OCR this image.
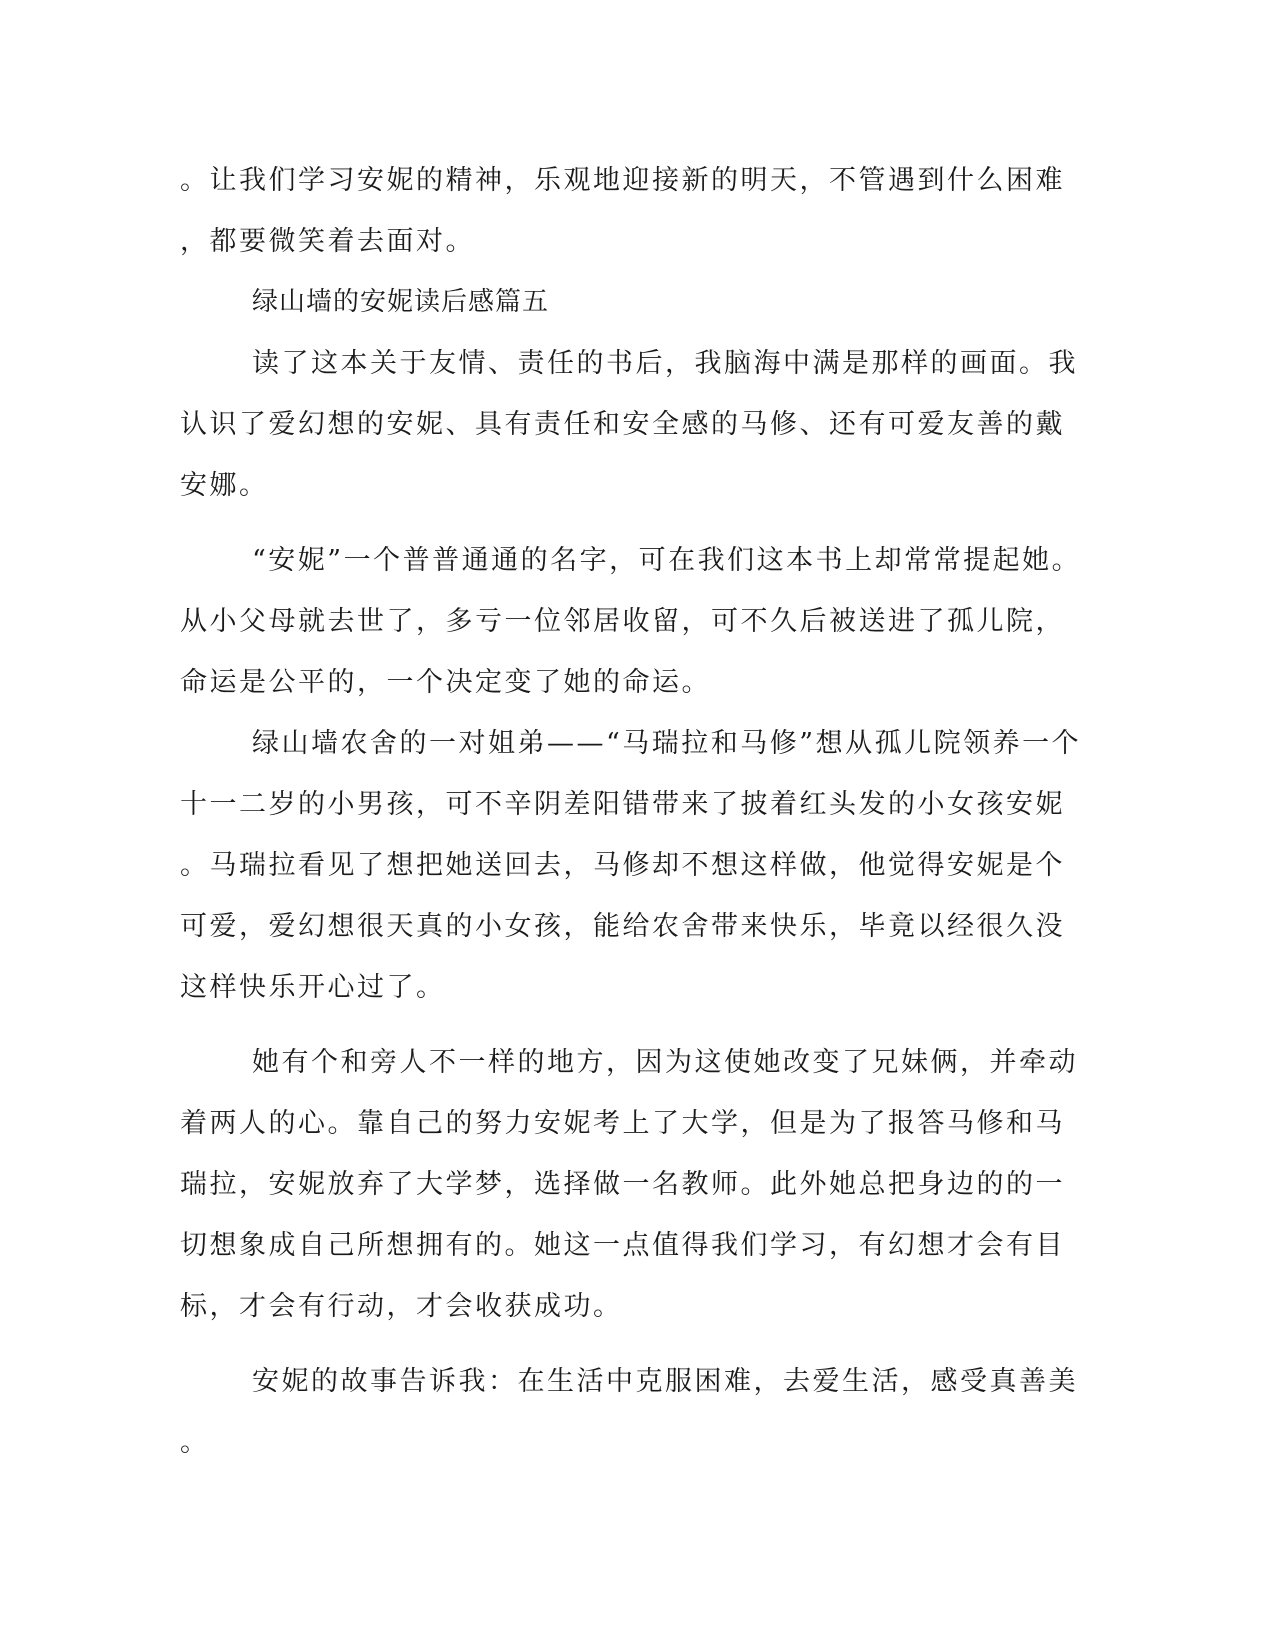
。让我们学习安妮的精神，乐观地迎接新的明天，不管遇到什么困难
，都要微笑着去面对。
绿山墙的安妮读后感篇五
读了这本关于友情、责任的书后，我脑海中满是那样的画面。我
认识了爱幻想的安妮、具有责任和安全感的马修、还有可爱友善的戴
安娜。
“安妮”一个普普通通的名字，可在我们这本书上却常常提起她。
从小父母就去世了，多亏一位邻居收留，可不久后被送进了孤儿院，
命运是公平的，一个决定变了她的命运。
绿山墙农舍的一对姐弟——“马瑞拉和马修”想从孤儿院领养一个
十一二岁的小男孩，可不辛阴差阳错带来了披着红头发的小女孩安妮
。马瑞拉看见了想把她送回去，马修却不想这样做，他觉得安妮是个
可爱，爱幻想很天真的小女孩，能给农舍带来快乐，毕竟以经很久没
这样快乐开心过了。
她有个和旁人不一样的地方，因为这使她改变了兄妹俩，并牵动
着两人的心。靠自己的努力安妮考上了大学，但是为了报答马修和马
瑞拉，安妮放弃了大学梦，选择做一名教师。此外她总把身边的的一
切想象成自己所想拥有的。她这一点值得我们学习，有幻想才会有目
标，才会有行动，才会收获成功。
安妮的故事告诉我：在生活中克服困难，去爱生活，感受真善美
。
